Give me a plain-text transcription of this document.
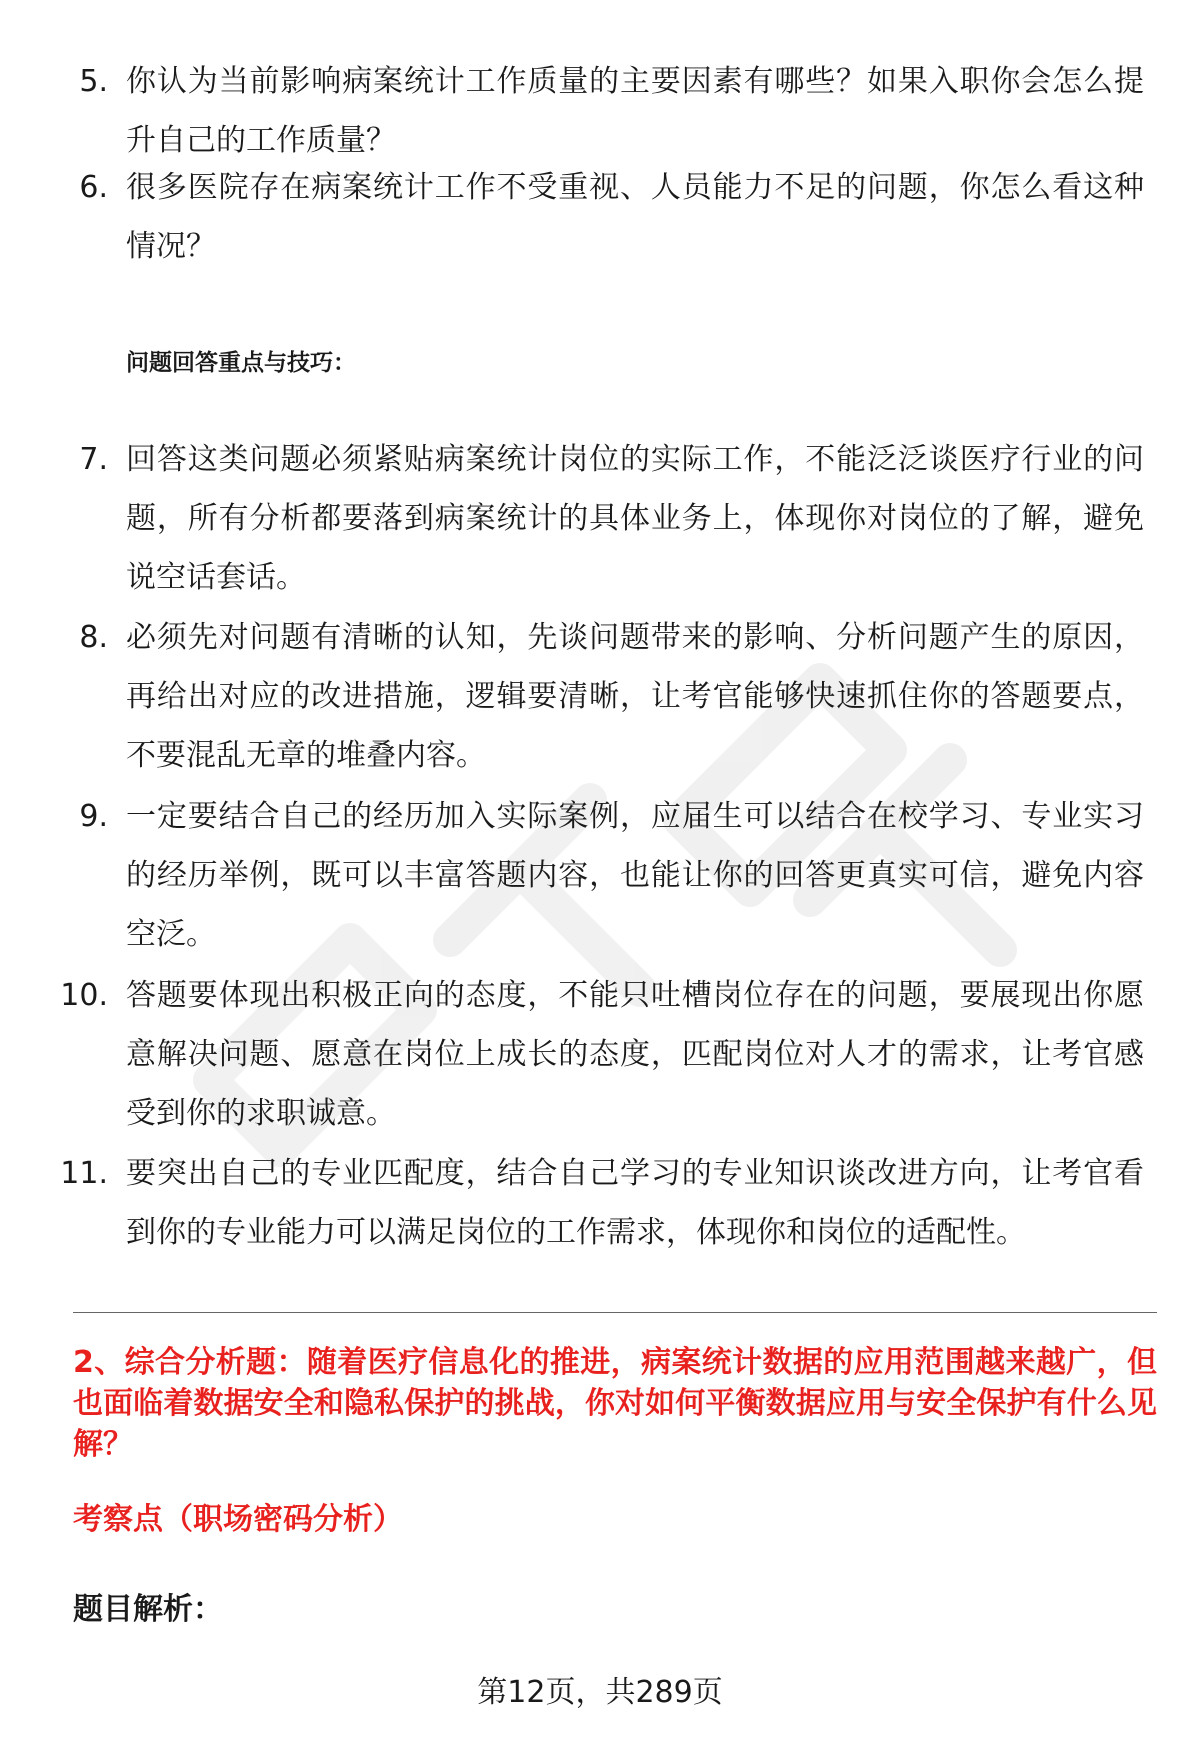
5. 你认为当前影响病案统计工作质量的主要因素有哪些？如果入职你会怎么提升自己的工作质量？
6. 很多医院存在病案统计工作不受重视、人员能力不足的问题，你怎么看这种情况？
问题回答重点与技巧：
7. 回答这类问题必须紧贴病案统计岗位的实际工作，不能泛泛谈医疗行业的问题，所有分析都要落到病案统计的具体业务上，体现你对岗位的了解，避免说空话套话。
8. 必须先对问题有清晰的认知，先谈问题带来的影响、分析问题产生的原因，再给出对应的改进措施，逻辑要清晰，让考官能够快速抓住你的答题要点，不要混乱无章的堆叠内容。
9. 一定要结合自己的经历加入实际案例，应届生可以结合在校学习、专业实习的经历举例，既可以丰富答题内容，也能让你的回答更真实可信，避免内容空泛。
10. 答题要体现出积极正向的态度，不能只吐槽岗位存在的问题，要展现出你愿意解决问题、愿意在岗位上成长的态度，匹配岗位对人才的需求，让考官感受到你的求职诚意。
11. 要突出自己的专业匹配度，结合自己学习的专业知识谈改进方向，让考官看到你的专业能力可以满足岗位的工作需求，体现你和岗位的适配性。
2、综合分析题：随着医疗信息化的推进，病案统计数据的应用范围越来越广，但也面临着数据安全和隐私保护的挑战，你对如何平衡数据应用与安全保护有什么见解？
考察点（职场密码分析）
题目解析：
第12页，共289页
